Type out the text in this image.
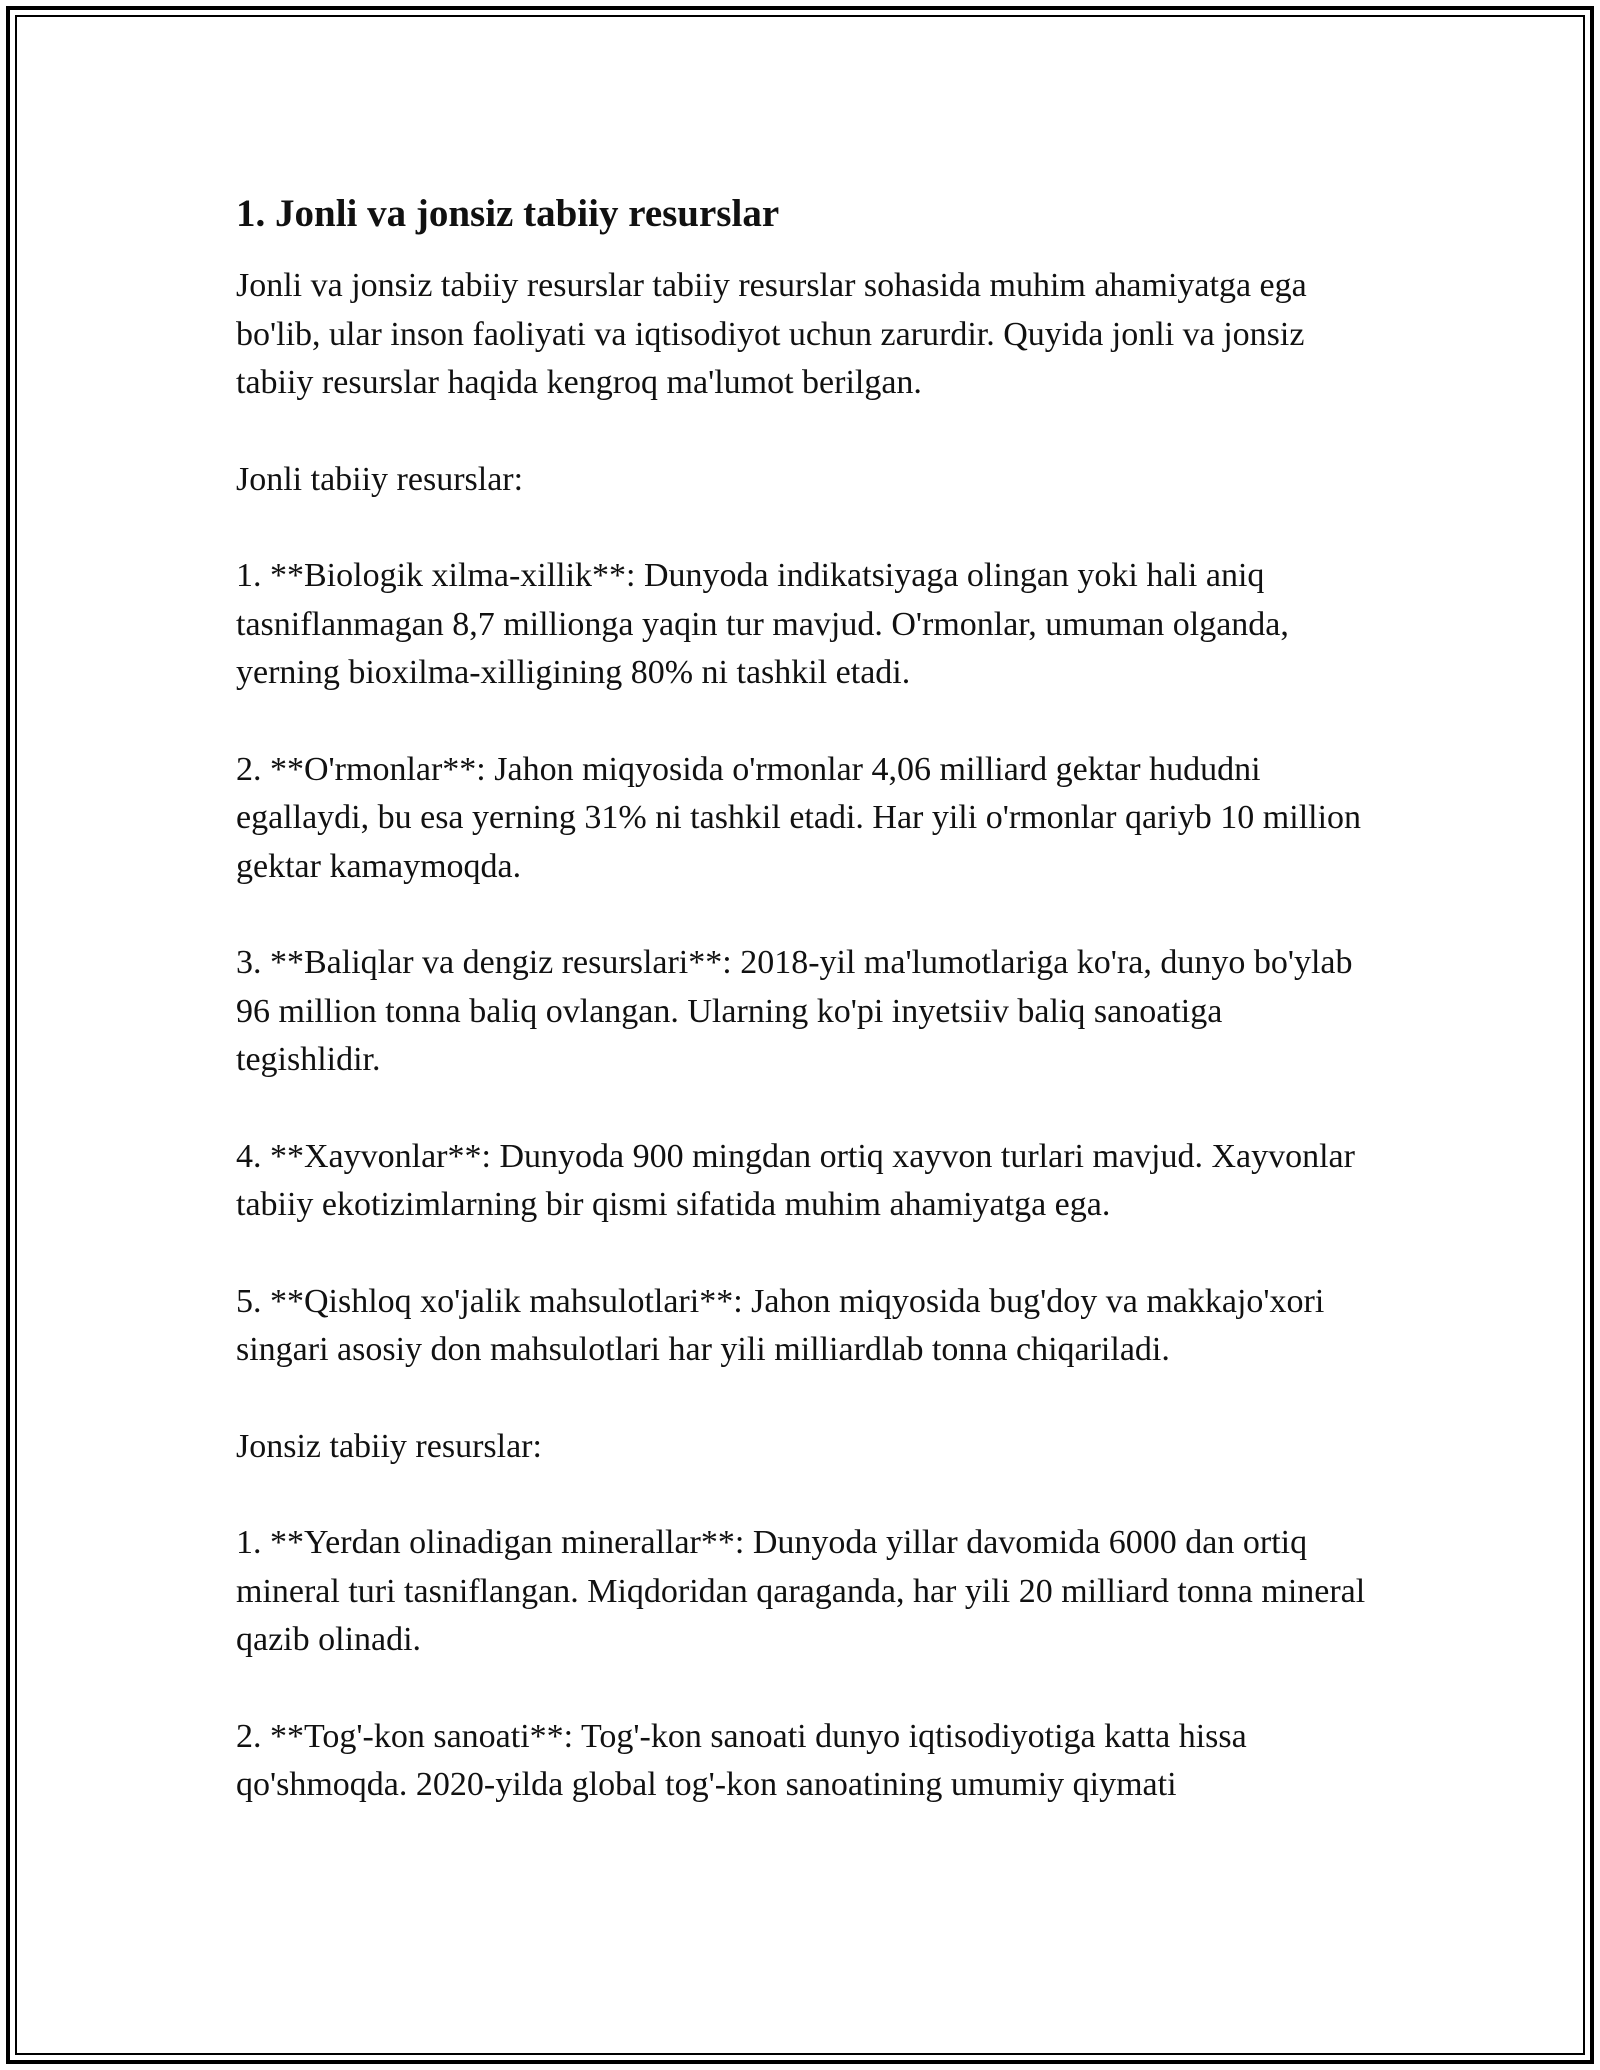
1. Jonli va jonsiz tabiiy resurslar

Jonli va jonsiz tabiiy resurslar tabiiy resurslar sohasida muhim ahamiyatga ega bo'lib, ular inson faoliyati va iqtisodiyot uchun zarurdir. Quyida jonli va jonsiz tabiiy resurslar haqida kengroq ma'lumot berilgan.

Jonli tabiiy resurslar:

1. **Biologik xilma-xillik**: Dunyoda indikatsiyaga olingan yoki hali aniq tasniflanmagan 8,7 millionga yaqin tur mavjud. O'rmonlar, umuman olganda, yerning bioxilma-xilligining 80% ni tashkil etadi.

2. **O'rmonlar**: Jahon miqyosida o'rmonlar 4,06 milliard gektar hududni egallaydi, bu esa yerning 31% ni tashkil etadi. Har yili o'rmonlar qariyb 10 million gektar kamaymoqda.

3. **Baliqlar va dengiz resurslari**: 2018-yil ma'lumotlariga ko'ra, dunyo bo'ylab 96 million tonna baliq ovlangan. Ularning ko'pi inyetsiiv baliq sanoatiga tegishlidir.

4. **Xayvonlar**: Dunyoda 900 mingdan ortiq xayvon turlari mavjud. Xayvonlar tabiiy ekotizimlarning bir qismi sifatida muhim ahamiyatga ega.

5. **Qishloq xo'jalik mahsulotlari**: Jahon miqyosida bug'doy va makkajo'xori singari asosiy don mahsulotlari har yili milliardlab tonna chiqariladi.

Jonsiz tabiiy resurslar:

1. **Yerdan olinadigan minerallar**: Dunyoda yillar davomida 6000 dan ortiq mineral turi tasniflangan. Miqdoridan qaraganda, har yili 20 milliard tonna mineral qazib olinadi.

2. **Tog'-kon sanoati**: Tog'-kon sanoati dunyo iqtisodiyotiga katta hissa qo'shmoqda. 2020-yilda global tog'-kon sanoatining umumiy qiymati
